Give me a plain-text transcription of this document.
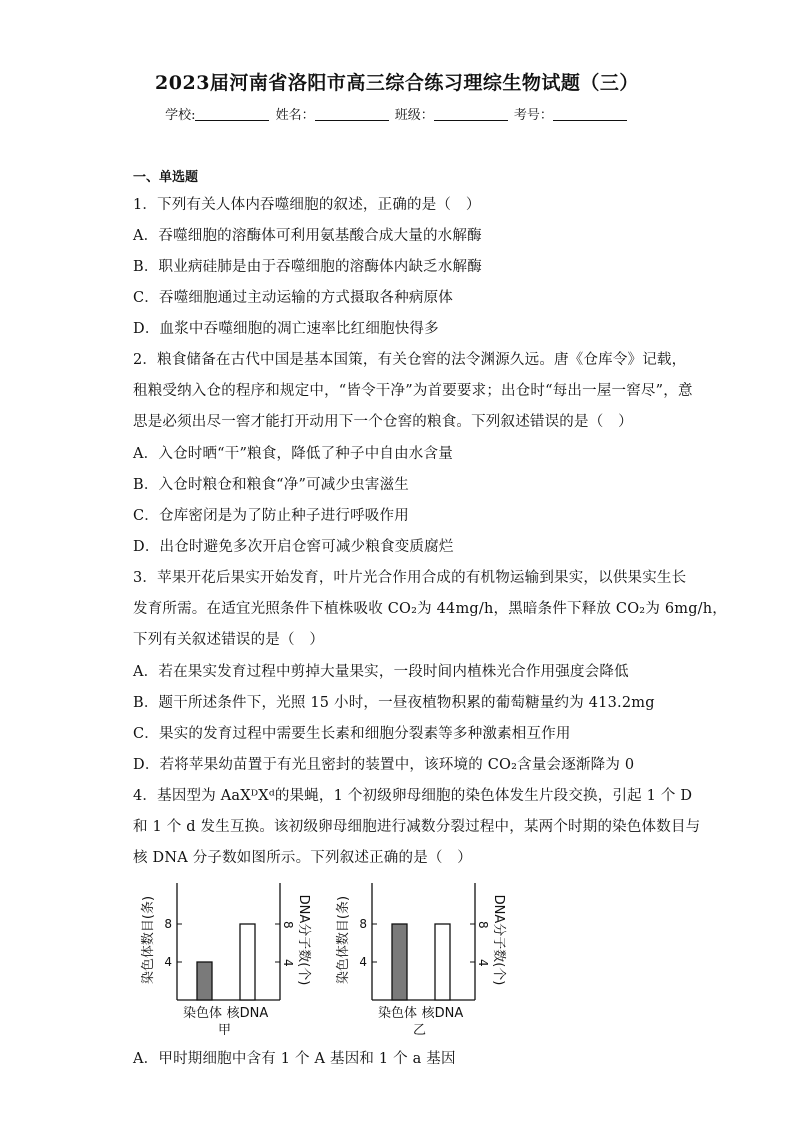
2023届河南省洛阳市高三综合练习理综生物试题（三）
学校:	姓名：	班级：	考号：
一、单选题
1．下列有关人体内吞噬细胞的叙述，正确的是（　）
A．吞噬细胞的溶酶体可利用氨基酸合成大量的水解酶
B．职业病硅肺是由于吞噬细胞的溶酶体内缺乏水解酶
C．吞噬细胞通过主动运输的方式摄取各种病原体
D．血浆中吞噬细胞的凋亡速率比红细胞快得多
2．粮食储备在古代中国是基本国策，有关仓窖的法令渊源久远。唐《仓库令》记载，
租粮受纳入仓的程序和规定中，“皆令干净”为首要要求；出仓时“每出一屋一窖尽”，意
思是必须出尽一窖才能打开动用下一个仓窖的粮食。下列叙述错误的是（　）
A．入仓时晒“干”粮食，降低了种子中自由水含量
B．入仓时粮仓和粮食“净”可减少虫害滋生
C．仓库密闭是为了防止种子进行呼吸作用
D．出仓时避免多次开启仓窖可减少粮食变质腐烂
3．苹果开花后果实开始发育，叶片光合作用合成的有机物运输到果实，以供果实生长
发育所需。在适宜光照条件下植株吸收 CO₂为 44mg/h，黑暗条件下释放 CO₂为 6mg/h，
下列有关叙述错误的是（　）
A．若在果实发育过程中剪掉大量果实，一段时间内植株光合作用强度会降低
B．题干所述条件下，光照 15 小时，一昼夜植物积累的葡萄糖量约为 413.2mg
C．果实的发育过程中需要生长素和细胞分裂素等多种激素相互作用
D．若将苹果幼苗置于有光且密封的装置中，该环境的 CO₂含量会逐渐降为 0
4．基因型为 AaXᴰXᵈ的果蝇，1 个初级卵母细胞的染色体发生片段交换，引起 1 个 D
和 1 个 d 发生互换。该初级卵母细胞进行减数分裂过程中，某两个时期的染色体数目与
核 DNA 分子数如图所示。下列叙述正确的是（　）
染色体数目(条)	DNA分子数(个)
4	4
8	8
染色体 核DNA
甲
染色体数目(条)	DNA分子数(个)
4	4
8	8
染色体 核DNA
乙
A．甲时期细胞中含有 1 个 A 基因和 1 个 a 基因
